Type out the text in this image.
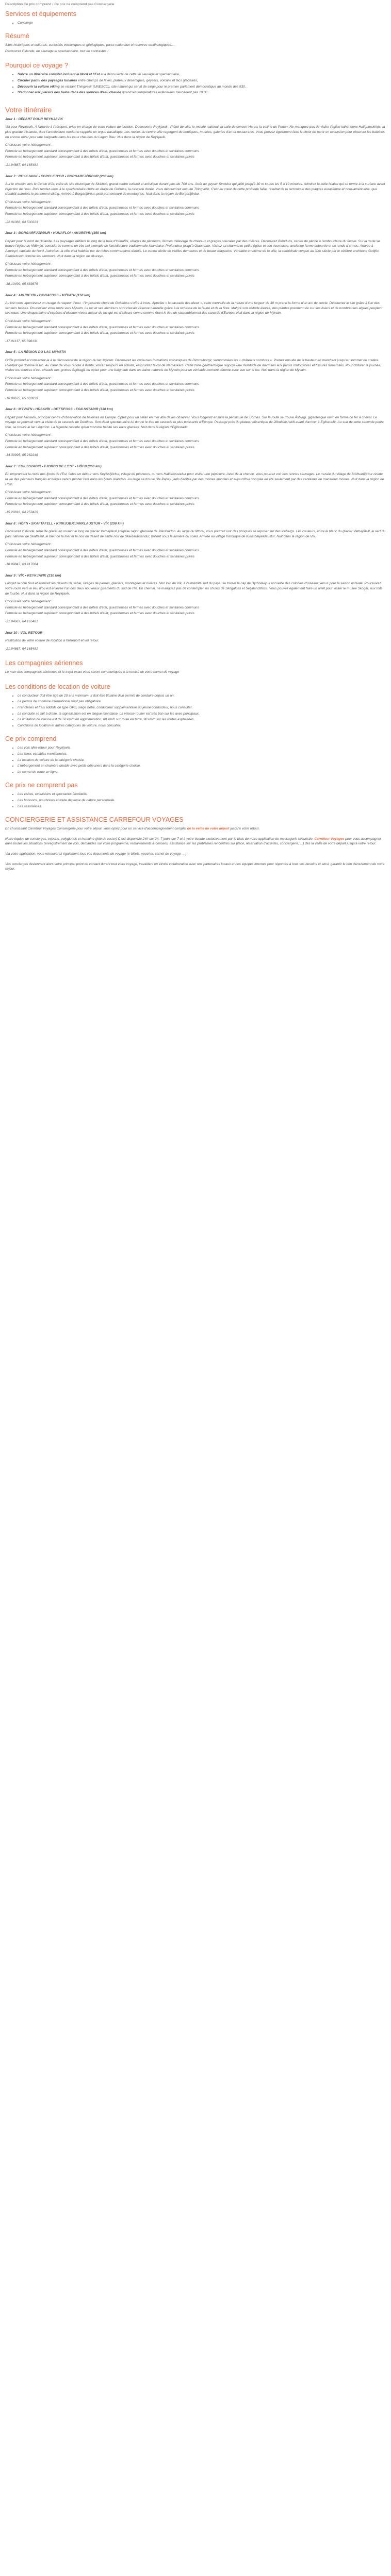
Description Ce prix comprend / Ce prix ne comprend pas Conciergerie
Services et équipements
• Concierge
Résumé

Sites historiques et culturels, curiosités volcaniques et géologiques, parcs nationaux et réserves ornithologiques....

Découvrez l'Islande, de sauvage et spectaculaire, tout en contrastes !

Pourquoi ce voyage ?
• Suivre un itinéraire complet incluant le Nord et l'Est à la découverte de cette île sauvage et spectaculaire,
• Circuler parmi des paysages lunaires entre champs de laves, plateaux désertiques, geysers, volcans et lacs glaciaires,
• Découvrir la culture viking en visitant Thingvellir (UNESCO), site naturel qui servit de siège pour le premier parlement démocratique au monde dès 930,
• S'adonner aux plaisirs des bains dans des sources d'eau chaude quand les températures extérieures n'excèdent pas 10 °C.
Votre itinéraire
Jour 1 : DÉPART POUR REYKJAVIK

Vol pour Reykjavik. À l'arrivée à l'aéroport, prise en charge de votre voiture de location. Découverte Reykjavik : l'hôtel de ville, le musée national, la salle de concert Harpa, la colline de Perlan. Ne manquez pas de visiter l'église luthérienne Hallgrimskirkja, la plus grande d'Islande, dont l'architecture moderne rappelle un orgue basaltique. Les ruelles du centre-ville regorgent de boutiques, musées, galeries d'art et restaurants. Vous pouvez également faire le choix de partir en excursion pour observer les baleines ou encore opter pour une baignade dans les eaux chaudes du Lagon Bleu. Nuit dans la région de Reykjavik.

Choisissez votre hébergement :

Formule en hébergement standard correspondant à des hôtels d'état, guesthouses et fermes avec douches et sanitaires communs

Formule en hébergement supérieur correspondant à des hôtels d'état, guesthouses et fermes avec douches et sanitaires privés

-21.94667, 64.165481

Jour 2 : REYKJAVIK • CERCLE D'OR • BORGARFJÖRÐUR (290 km)

Sur le chemin vers le Cercle d'Or, visite du site historique de Skálholt, grand centre culturel et artistique durant plus de 700 ans. Arrêt au geyser Strokkur qui jaillit jusqu'à 30 m toutes les 5 à 10 minutes. Admirez la belle falaise qui se forme à la surface avant l'éjection de l'eau. Puis rendez-vous à le spectaculaire chute en étage de Gullfoss, la cascade dorée. Vous découvrirez ensuite Thingvellir, C'est au cœur de cette profonde faille, résultat de la tectonique des plaques eurasienne et nord-américaine, que s'établit autrefois le parlement viking. Arrivée à Borgarfjörður, petit port entouré de montagnes. Nuit dans la région de Borgarfjördur.

Choisissez votre hébergement :

Formule en hébergement standard correspondant à des hôtels d'état, guesthouses et fermes avec douches et sanitaires communs

Formule en hébergement supérieur correspondant à des hôtels d'état, guesthouses et fermes avec douches et sanitaires privés

-22.01068, 64.500223

Jour 3 : BORGARFJÖRÐUR • HÚNAFLÓI • AKUREYRI (350 km)

Départ pour le nord de l'Islande. Les paysages défilent le long de la baie d'Húnaflói, villages de pêcheurs, fermes d'élevage de chevaux et grages creusées par des rivières. Découvrez Blönduós, centre de pêche à l'embouchure du fleuve. Sur la route se trouve l'église de Viðimýri, considérée comme un très bel exemple de l'architecture traditionnelle islandaise. Profondeur jusqu'à Glaumbær. Visitez sa charmante petite église et son écomusée, ancienne ferme entourée et sa ronde d'armes. Arrivée à Akureyri, capitale du Nord. Autrefois, la ville était habitée par de riches commerçants danois. Le centre abrite de vieilles demeures et de beaux magasins. Véritable emblème de la ville, la cathédrale conçue au XXe siècle par le célèbre architecte Guðjón Samúelsson domine les alentours. Nuit dans la région de Akureyri.

Choisissez votre hébergement :

Formule en hébergement standard correspondant à des hôtels d'état, guesthouses et fermes avec douches et sanitaires communs

Formule en hébergement supérieur correspondant à des hôtels d'état, guesthouses et fermes avec douches et sanitaires privés

-18.10499, 65.683676

Jour 4 : AKUREYRI • GOÐAFOSS • MÝVATN (150 km)

Au loin vous apercevrez un nuage de vapeur d'eau : l'imposante chute de Goðafoss s'offre à vous. Appelée « la cascade des dieux », cette merveille de la nature d'une largeur de 30 m prend la forme d'un arc de cercle. Découvrez le site grâce à l'un des sentiers balisés. Poursuivez votre route vers Mývatn. Le lac et ses alentours sont classés réserve naturelle grâce à la richesse de la faune et de la flore. Malgré son altitude élevée, des plantes prennent vie sur ses lisiers et de nombreuses algues peuplent ses eaux. Une cinquantaine d'espèces d'oiseaux vivent autour du lac qui est d'ailleurs connu comme étant le lieu de rassemblement des canards d'Europe. Nuit dans la région de Mývatn.

Choisissez votre hébergement :

Formule en hébergement standard correspondant à des hôtels d'état, guesthouses et fermes avec douches et sanitaires communs

Formule en hébergement supérieur correspondant à des hôtels d'état, guesthouses et fermes avec douches et sanitaires privés

-17.01137, 65.598131

Jour 5 : LA RÉGION DU LAC MÝVATN

Griffe profond et consacrez-la à la découverte de la région du lac Mývatn. Découvrez les curieuses formations volcaniques de Dimmuborgir, surnommées les « châteaux sombres ». Prenez ensuite de la hauteur en marchant jusqu'au sommet du cratère Hverfjall qui domine le lac. Au cœur de vous rendre à Krafla, volcan toujours en activité, empruntez le col de Námaskarð. Cette zone géothermique regorge une multitude de marmites aux parois multicolores et fissures fumerolles. Pour clôturer la journée, visitez les sources d'eau chaude des grottes Grjótagjá ou optez pour une baignade dans les bains naturels de Mývatn pour un véritable moment détente avec vue sur le lac. Nuit dans la région de Mývatn.

Choisissez votre hébergement :

Formule en hébergement standard correspondant à des hôtels d'état, guesthouses et fermes avec douches et sanitaires communs

Formule en hébergement supérieur correspondant à des hôtels d'état, guesthouses et fermes avec douches et sanitaires privés

-16.99675, 65.603839

Jour 6 : MÝVATN • HÚSAVÍK • DETTIFOSS • EGILSSTAÐIR (330 km)

Départ pour Húsavík, principal centre d'observation de baleines en Europe. Optez pour un safari en mer afin de les observer. Vous longerez ensuite la péninsule de Tjörnes. Sur la route se trouve Ásbyrgi, gigantesque ravin en forme de fer à cheval. Le voyage se poursuit vers la visite de la cascade de Dettifoss. Son débit spectaculaire lui donne le titre de cascade la plus puissante d'Europe. Passage près du plateau désertique de Jökuldalsheiði avant d'arriver à Egilsstaðir. Au sud de cette seconde petite ville, se trouve le lac Lögurinn. La légende raconte qu'un monstre habite ses eaux glacées. Nuit dans la région d'Egilsstaðir.

Choisissez votre hébergement :

Formule en hébergement standard correspondant à des hôtels d'état, guesthouses et fermes avec douches et sanitaires communs

Formule en hébergement supérieur correspondant à des hôtels d'état, guesthouses et fermes avec douches et sanitaires privés

-14.39995, 65.262246

Jour 7 : EGILSSTAÐIR • FJORDS DE L'EST • HÖFN (360 km)

En empruntant la route des fjords de l'Est, faites un détour vers Seyðisfjörður, village de pêcheurs, ou vers Hallormsstaður pour visiter une pépinière. Avec de la chance, vous pourrez voir des rennes sauvages. Le musée du village de Stöðvarfjörður réside la vie des pêcheurs français et belges venus pêcher l'été dans les fjords islandais. Au large se trouve l'île Papey, jadis habitée par des moines irlandais et aujourd'hui occupée en été seulement par des centaines de macareux moines. Nuit dans la région de Höfn.

Choisissez votre hébergement :

Formule en hébergement standard correspondant à des hôtels d'état, guesthouses et fermes avec douches et sanitaires communs

Formule en hébergement supérieur correspondant à des hôtels d'état, guesthouses et fermes avec douches et sanitaires privés

-15.20816, 64.253429

Jour 8 : HÖFN • SKAFTAFELL • KIRKJUBÆJARKLAUSTUR • VÍK (290 km)

Découvrez l'Islande, terre de glace, en roulant le long du glacier Vatnajökull jusqu'au lagon glaciaire de Jökulsárlón. Au large du littoral, vous pourrez voir des phoques se reposer sur des icebergs. Les couleurs, entre le blanc du glacier Vatnajökull, le vert du parc national de Skaftafell, le bleu de la mer et le noir du désert de sable noir de Skeiðarársandur, brillent sous la lumière du soleil. Arrivée au village historique de Kirkjubæjarklaustur. Nuit dans la région de Vík.

Choisissez votre hébergement :

Formule en hébergement standard correspondant à des hôtels d'état, guesthouses et fermes avec douches et sanitaires communs

Formule en hébergement supérieur correspondant à des hôtels d'état, guesthouses et fermes avec douches et sanitaires privés

-18.99847, 63.417084

Jour 9 : VÍK • REYKJAVIK (210 km)

Longez la côte Sud et admirez les déserts de sable, rivages de pierres, glaciers, montagnes et rivières. Non loin de Vík, à l'extrémité sud du pays, se trouve le cap de Dyrhólaey. Il accueille des colonies d'oiseaux venus pour la saison estivale. Poursuivez votre route vers le lieu d'où est enlevée l'un des deux nouveaux gisements du sud de l'île. En chemin, ne manquez pas de contempler les chutes de Skógafoss et Seljalandsfoss. Vous pouvez également faire un arrêt pour visiter le musée Skógar, aux toits de tourbe. Nuit dans la région de Reykjavik.

Choisissez votre hébergement :

Formule en hébergement standard correspondant à des hôtels d'état, guesthouses et fermes avec douches et sanitaires communs

Formule en hébergement supérieur correspondant à des hôtels d'état, guesthouses et fermes avec douches et sanitaires privés

-21.94667, 64.165481

Jour 10 : VOL RETOUR

Restitution de votre voiture de location à l'aéroport et vol retour.

-21.94667, 64.165481

Les compagnies aériennes

Le nom des compagnies aériennes et le trajet exact vous seront communiqués à la remise de votre carnet de voyage

Les conditions de location de voiture
• Le conducteur doit être âgé de 20 ans minimum. Il doit être titulaire d'un permis de conduire depuis un an.
• Le permis de conduire international n'est pas obligatoire.
• Franchises et frais additifs de type GPS, siège bébé, conducteur supplémentaire ou jeune conducteur, nous consulter.
• La conduite se fait à droite, la signalisation est en langue islandaise. La vitesse routier est très bon sur les axes principaux.
• La limitation de vitesse est de 50 km/h en agglomération, 80 km/h sur route en terre, 90 km/h sur les routes asphaltées.
• Conditions de location et autres catégories de voiture, nous consulter.
Ce prix comprend
• Les vols aller-retour pour Reykjavik.
• Les taxes variables mentionnées.
• La location de voiture de la catégorie choisie.
• L'hébergement en chambre double avec petits déjeuners dans la catégorie choisie.
• Le carnet de route en ligne.
Ce prix ne comprend pas
• Les visites, excursions et spectacles facultatifs.
• Les boissons, pourboires et toute dépense de nature personnelle.
• Les assurances.
CONCIERGERIE ET ASSISTANCE CARREFOUR VOYAGES

En choisissant Carrefour Voyages Conciergerie pour votre séjour, vous optez pour un service d'accompagnement complet de la veille de votre départ jusqu'à votre retour.

Notre équipe de concierges, experts, polyglottes et humaine (joie de rester) C est disponible 24h sur 24, 7 jours sur 7 et à votre écoute exclusivement par le biais de notre application de messagerie sécurisée: Carrefour Voyages pour vous accompagner dans toutes les situations (enregistrement de vols, demandes sur votre programme, remaniements & conseils, assistance sur les problèmes rencontrés sur place, réservation d'activités, conciergerie, ...) dès la veille de votre départ jusqu'à votre retour.

Via votre application, vous retrouverez également tous vos documents de voyage (e-billets, voucher, carnet de voyage, ...)

Vos concierges deviennent alors votre principal point de contact durant tout votre voyage, travaillant en étroite collaboration avec nos partenaires locaux et nos équipes internes pour répondre à tous vos besoins et ainsi, garantir le bon déroulement de votre séjour.
